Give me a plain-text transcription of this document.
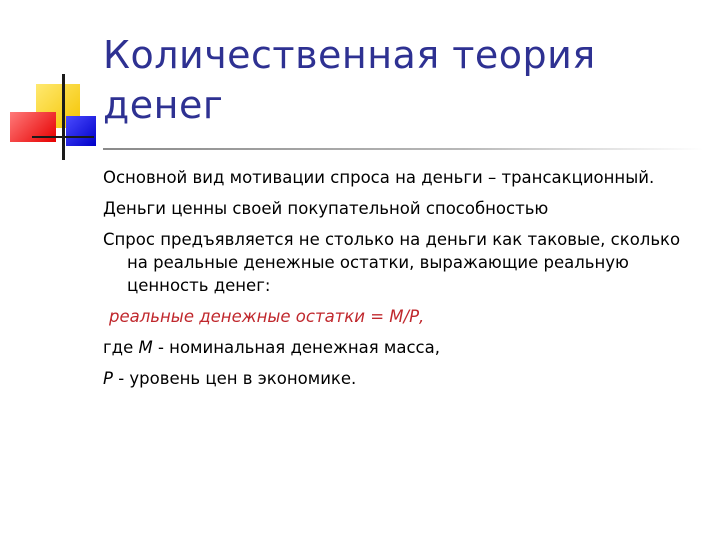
Количественная теория денег

Основной вид мотивации спроса на деньги – трансакционный.

Деньги ценны своей покупательной способностью

Спрос предъявляется не столько на деньги как таковые, сколько на реальные денежные остатки, выражающие реальную ценность денег:

реальные денежные остатки = М/Р,

где М - номинальная денежная масса,

Р - уровень цен в экономике.
